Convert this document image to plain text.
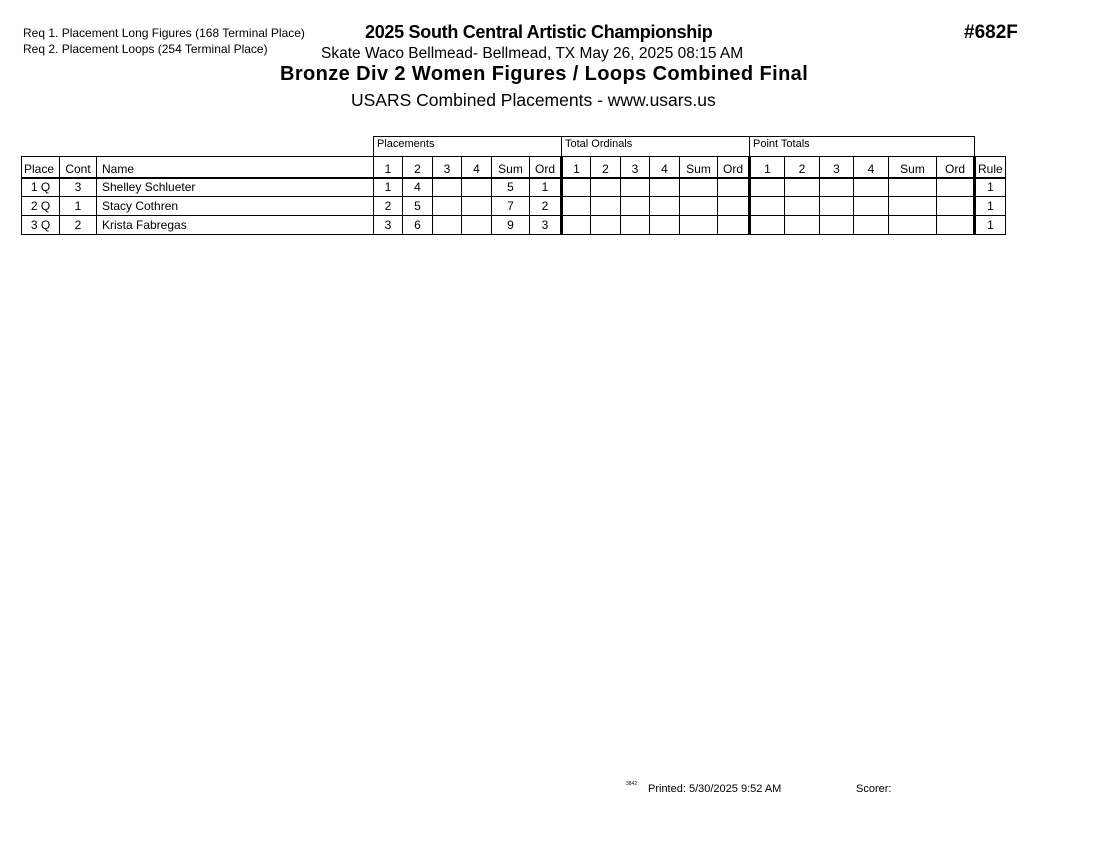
Req 1. Placement Long Figures (168 Terminal Place)
Req 2. Placement Loops (254 Terminal Place)
2025 South Central Artistic Championship
Skate Waco Bellmead- Bellmead, TX May 26, 2025 08:15 AM
Bronze Div 2 Women Figures / Loops Combined Final
USARS Combined Placements - www.usars.us
#682F
Placements	Total Ordinals	Point Totals
Place	Cont	Name	1	2	3	4	Sum	Ord	1	2	3	4	Sum	Ord	1	2	3	4	Sum	Ord	Rule
1 Q	3	Shelley Schlueter	1	4			5	1													1
2 Q	1	Stacy Cothren	2	5			7	2													1
3 Q	2	Krista Fabregas	3	6			9	3													1
3842 Printed: 5/30/2025 9:52 AM	Scorer:
